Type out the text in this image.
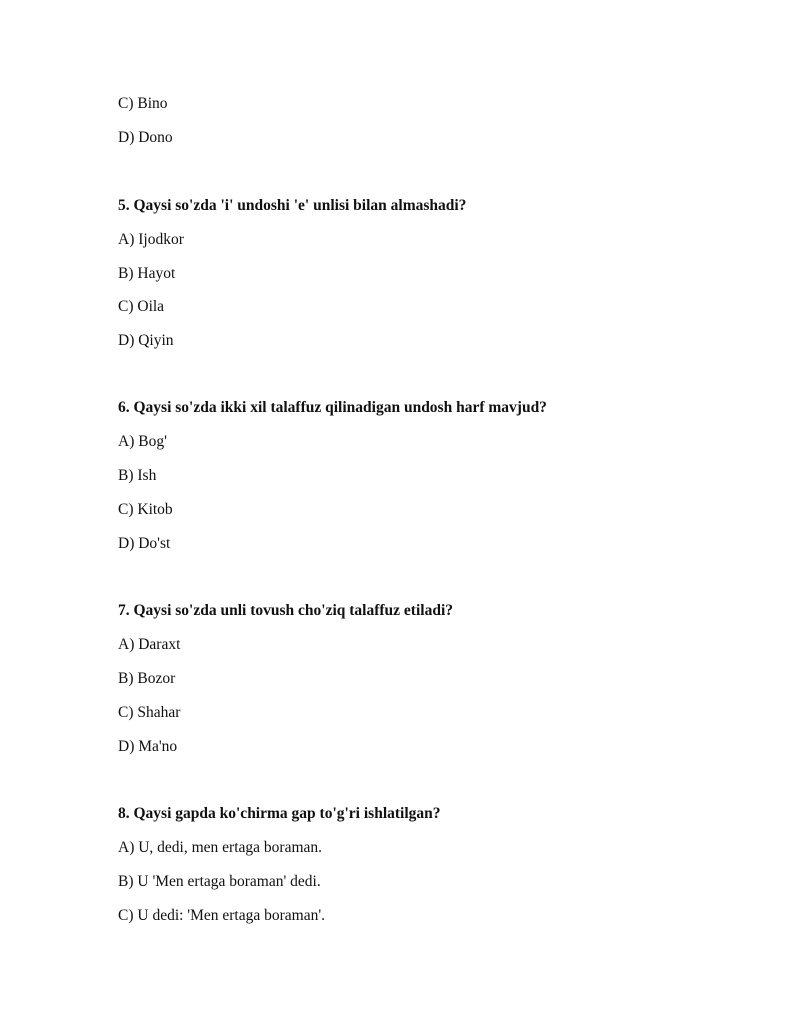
C) Bino
D) Dono
5. Qaysi so'zda 'i' undoshi 'e' unlisi bilan almashadi?
A) Ijodkor
B) Hayot
C) Oila
D) Qiyin
6. Qaysi so'zda ikki xil talaffuz qilinadigan undosh harf mavjud?
A) Bog'
B) Ish
C) Kitob
D) Do'st
7. Qaysi so'zda unli tovush cho'ziq talaffuz etiladi?
A) Daraxt
B) Bozor
C) Shahar
D) Ma'no
8. Qaysi gapda ko'chirma gap to'g'ri ishlatilgan?
A) U, dedi, men ertaga boraman.
B) U 'Men ertaga boraman' dedi.
C) U dedi: 'Men ertaga boraman'.
